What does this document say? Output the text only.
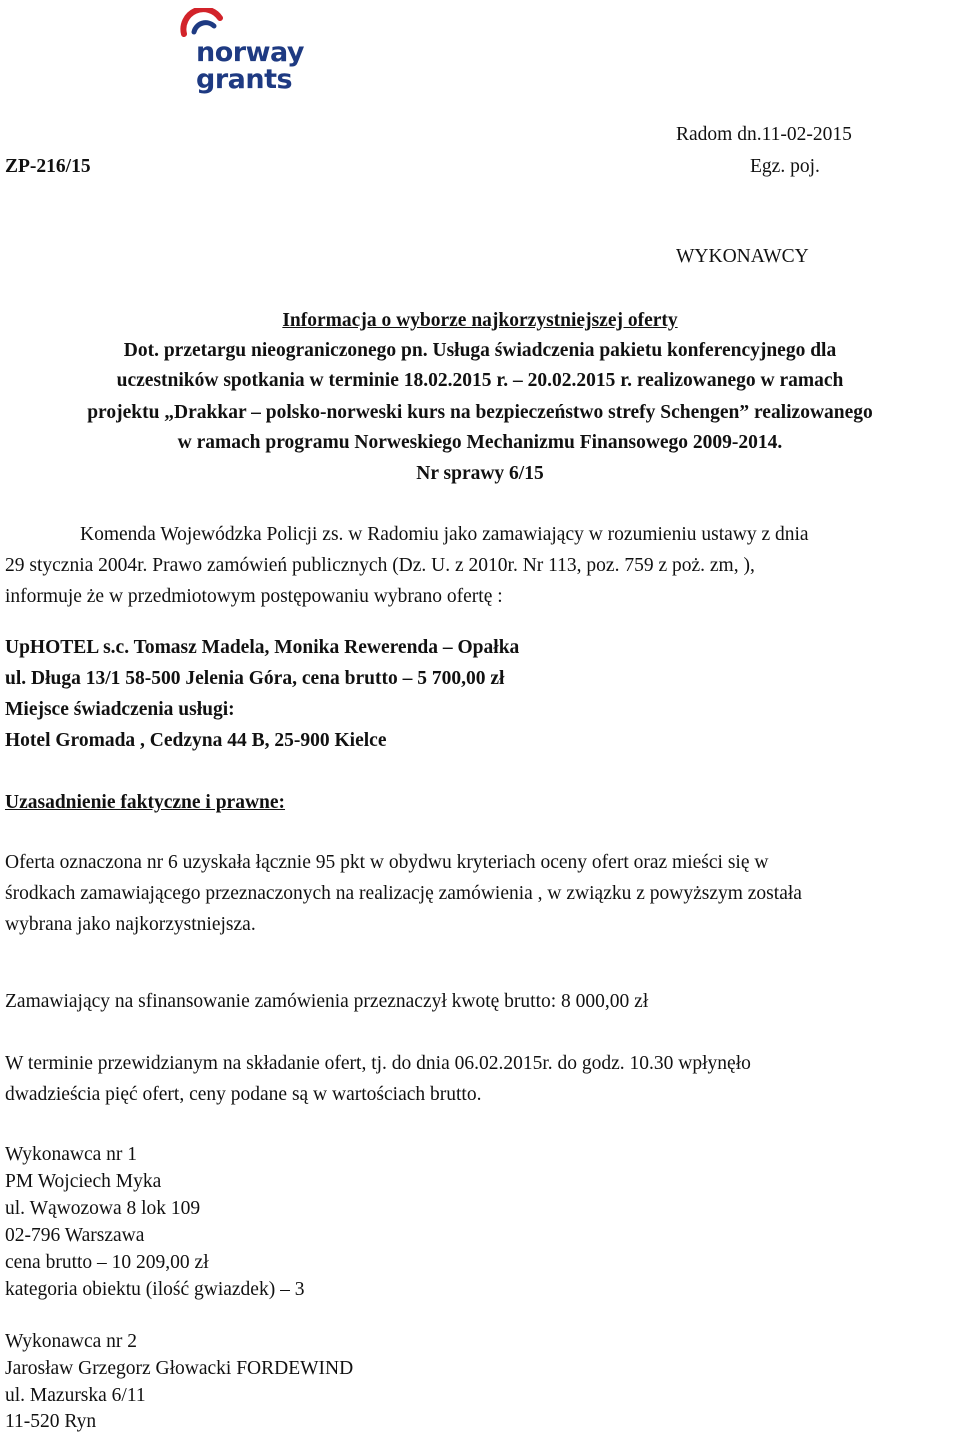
norway
grants
Radom dn.11-02-2015
ZP-216/15	Egz. poj.
WYKONAWCY
Informacja o wyborze najkorzystniejszej oferty
Dot. przetargu nieograniczonego pn. Usługa świadczenia pakietu konferencyjnego dla
uczestników spotkania w terminie 18.02.2015 r. – 20.02.2015 r. realizowanego w ramach
projektu „Drakkar – polsko-norweski kurs na bezpieczeństwo strefy Schengen” realizowanego
w ramach programu Norweskiego Mechanizmu Finansowego 2009-2014.
Nr sprawy 6/15
Komenda Wojewódzka Policji zs. w Radomiu jako zamawiający w rozumieniu ustawy z dnia
29 stycznia 2004r. Prawo zamówień publicznych (Dz. U. z 2010r. Nr 113, poz. 759 z poż. zm, ),
informuje że w przedmiotowym postępowaniu wybrano ofertę :
UpHOTEL s.c. Tomasz Madela, Monika Rewerenda – Opałka
ul. Długa 13/1 58-500 Jelenia Góra, cena brutto – 5 700,00 zł
Miejsce świadczenia usługi:
Hotel Gromada , Cedzyna 44 B, 25-900 Kielce
Uzasadnienie faktyczne i prawne:
Oferta oznaczona nr 6 uzyskała łącznie 95 pkt w obydwu kryteriach oceny ofert oraz mieści się w
środkach zamawiającego przeznaczonych na realizację zamówienia , w związku z powyższym została
wybrana jako najkorzystniejsza.
Zamawiający na sfinansowanie zamówienia przeznaczył kwotę brutto: 8 000,00 zł
W terminie przewidzianym na składanie ofert, tj. do dnia 06.02.2015r. do godz. 10.30 wpłynęło
dwadzieścia pięć ofert, ceny podane są w wartościach brutto.
Wykonawca nr 1
PM Wojciech Myka
ul. Wąwozowa 8 lok 109
02-796 Warszawa
cena brutto – 10 209,00 zł
kategoria obiektu (ilość gwiazdek) – 3
Wykonawca nr 2
Jarosław Grzegorz Głowacki FORDEWIND
ul. Mazurska 6/11
11-520 Ryn
